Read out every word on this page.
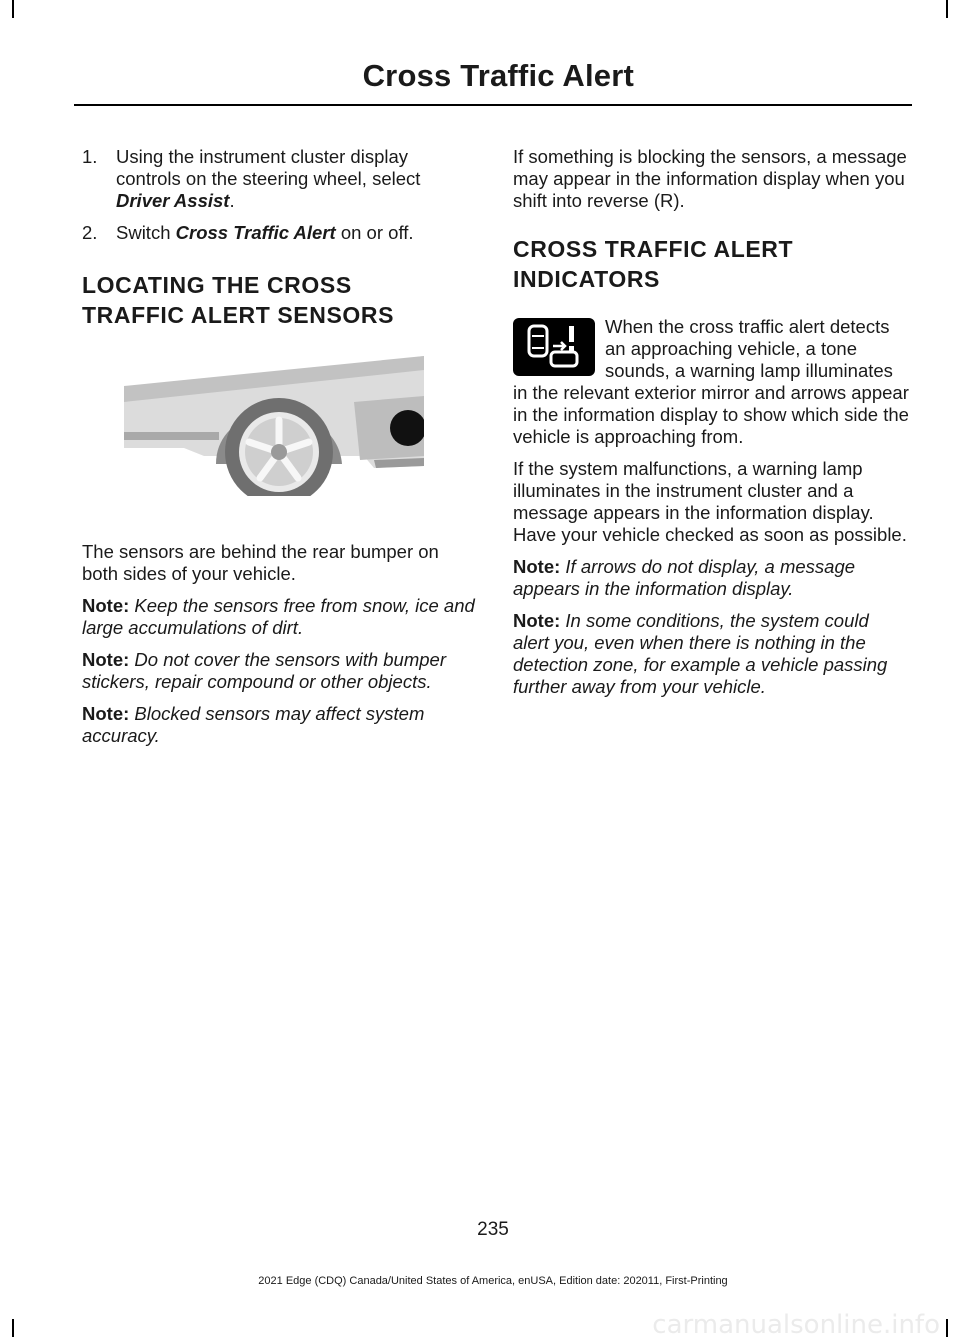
Cross Traffic Alert
1. Using the instrument cluster display controls on the steering wheel, select Driver Assist.
2. Switch Cross Traffic Alert on or off.
LOCATING THE CROSS
TRAFFIC ALERT SENSORS

The sensors are behind the rear bumper on both sides of your vehicle.

Note: Keep the sensors free from snow, ice and large accumulations of dirt.

Note: Do not cover the sensors with bumper stickers, repair compound or other objects.

Note: Blocked sensors may affect system accuracy.

If something is blocking the sensors, a message may appear in the information display when you shift into reverse (R).

CROSS TRAFFIC ALERT
INDICATORS

When the cross traffic alert detects an approaching vehicle, a tone sounds, a warning lamp illuminates in the relevant exterior mirror and arrows appear in the information display to show which side the vehicle is approaching from.

If the system malfunctions, a warning lamp illuminates in the instrument cluster and a message appears in the information display. Have your vehicle checked as soon as possible.

Note: If arrows do not display, a message appears in the information display.

Note: In some conditions, the system could alert you, even when there is nothing in the detection zone, for example a vehicle passing further away from your vehicle.

235
2021 Edge (CDQ) Canada/United States of America, enUSA, Edition date: 202011, First-Printing
carmanualsonline.info
